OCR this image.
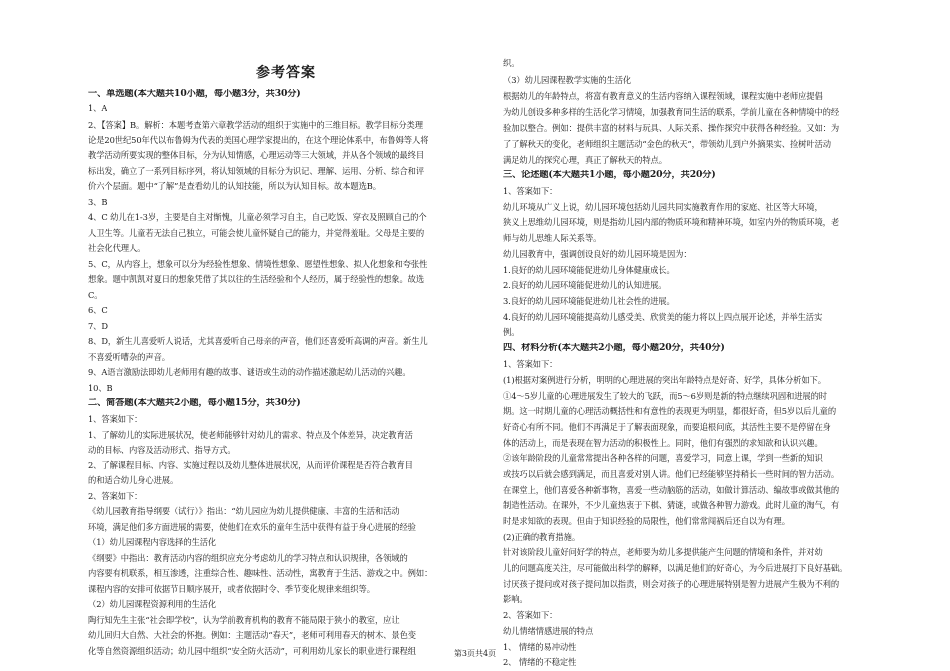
参考答案
一、单选题(本大题共10小题，每小题3分，共30分)
1、A
2、【答案】B。解析：本题考查第六章教学活动的组织于实施中的三维目标。教学目标分类理
论是20世纪50年代以布鲁姆为代表的美国心理学家提出的，在这个理论体系中，布鲁姆等人将
教学活动所要实现的整体目标，分为认知情感，心理运动等三大领域，并从各个领域的最终目
标出发，确立了一系列目标序列，将认知领域的目标分为识记、理解、运用、分析、综合和评
价六个层面。题中“了解”是查看幼儿的认知技能，所以为认知目标。故本题选B。
3、B
4、C 幼儿在1-3岁，主要是自主对惭愧，儿童必须学习自主，自己吃饭、穿衣及照顾自己的个
人卫生等。儿童若无法自己独立，可能会使儿童怀疑自己的能力，并觉得羞耻。父母是主要的
社会化代理人。
5、C，从内容上，想象可以分为经验性想象、情境性想象、愿望性想象、拟人化想象和夸张性
想象。题中凯凯对夏日的想象凭借了其以往的生活经验和个人经历，属于经验性的想象。故选
C。
6、C
7、D
8、D，新生儿喜爱听人说话，尤其喜爱听自己母亲的声音，他们还喜爱听高调的声音。新生儿
不喜爱听嘈杂的声音。
9、A语言激励法即幼儿老师用有趣的故事、谜语或生动的动作描述激起幼儿活动的兴趣。
10、B
二、简答题(本大题共2小题，每小题15分，共30分)
1、答案如下：
1、了解幼儿的实际进展状况，使老师能够针对幼儿的需求、特点及个体差异，决定教育活
动的目标、内容及活动形式、指导方式。
2、了解课程目标、内容、实施过程以及幼儿整体进展状况，从而评价课程是否符合教育目
的和适合幼儿身心进展。
2、答案如下：
《幼儿园教育指导纲要（试行）》指出：“幼儿园应为幼儿提供健康、丰富的生活和活动
环境，满足他们多方面进展的需要，使他们在欢乐的童年生活中获得有益于身心进展的经验
（1）幼儿园课程内容选择的生活化
《纲要》中指出：教育活动内容的组织应充分考虑幼儿的学习特点和认识规律，各领域的
内容要有机联系，相互渗透，注重综合性、趣味性、活动性，寓教育于生活、游戏之中。例如：
课程内容的安排可依据节日顺序展开，或者依据时令、季节变化规律来组织等。
（2）幼儿园课程资源利用的生活化
陶行知先生主张“社会即学校”，认为学前教育机构的教育不能局限于狭小的教室，应让
幼儿回归大自然、大社会的怀抱。例如：主题活动“春天”，老师可利用春天的树木、景色变
化等自然资源组织活动；幼儿园中组织“安全防火活动”，可利用幼儿家长的职业进行课程组
织。
（3）幼儿园课程教学实施的生活化
根据幼儿的年龄特点，将富有教育意义的生活内容纳入课程领域，课程实施中老师应提倡
为幼儿创设多种多样的生活化学习情境，加强教育同生活的联系，学前儿童在各种情境中的经
验加以整合。例如：提供丰富的材料与玩具、人际关系、操作探究中获得各种经验。又如：为
了了解秋天的变化，老师组织主题活动“金色的秋天”，带领幼儿到户外摘果实、捡树叶活动
满足幼儿的探究心理，真正了解秋天的特点。
三、论述题(本大题共1小题，每小题20分，共20分)
1、答案如下：
幼儿环境从广义上说，幼儿园环境包括幼儿园共同实施教育作用的家庭、社区等大环境，
狭义上思维幼儿园环境，则是指幼儿园内部的物质环境和精神环境，如室内外的物质环境，老
师与幼儿思维人际关系等。
幼儿园教育中，强调创设良好的幼儿园环境是因为：
1.良好的幼儿园环境能促进幼儿身体健康成长。
2.良好的幼儿园环境能促进幼儿的认知进展。
3.良好的幼儿园环境能促进幼儿社会性的进展。
4.良好的幼儿园环境能提高幼儿感受美、欣赏美的能力将以上四点展开论述，并举生活实
例。
四、材料分析(本大题共2小题，每小题20分，共40分)
1、答案如下：
(1)根据对案例进行分析，明明的心理进展的突出年龄特点是好奇、好学，具体分析如下。
①4～5岁儿童的心理进展发生了较大的飞跃，而5～6岁则是新的特点继续巩固和进展的时
期。这一时期儿童的心理活动概括性和有意性的表现更为明显，都很好奇，但5岁以后儿童的
好奇心有所不同。他们不再满足于了解表面现象，而要追根问底，其活性主要不是停留在身
体的活动上，而是表现在智力活动的积极性上。同时，他们有强烈的求知欲和认识兴趣。
②该年龄阶段的儿童常常提出各种各样的问题，喜爱学习，同意上课，学到一些新的知识
或技巧以后就会感到满足，而且喜爱对别人讲。他们已经能够坚持稍长一些时间的智力活动。
在课堂上，他们喜爱各种新事物，喜爱一些动脑筋的活动，如做计算活动、编故事或做其他的
制造性活动。在课外，不少儿童热衷于下棋、猜谜，或做各种智力游戏。此时儿童的淘气，有
时是求知欲的表现。但由于知识经验的局限性，他们常常闯祸后还自以为有理。
(2)正确的教育措施。
针对该阶段儿童好问好学的特点，老师要为幼儿多提供能产生问题的情境和条件，并对幼
儿的问题高度关注，尽可能做出科学的解释，以满足他们的好奇心，为今后进展打下良好基础。
讨厌孩子提问或对孩子提问加以指责，则会对孩子的心理进展特别是智力进展产生极为不利的
影响。
2、答案如下：
幼儿情绪情感进展的特点
1、 情绪的易冲动性
2、 情绪的不稳定性
第3页共4页
